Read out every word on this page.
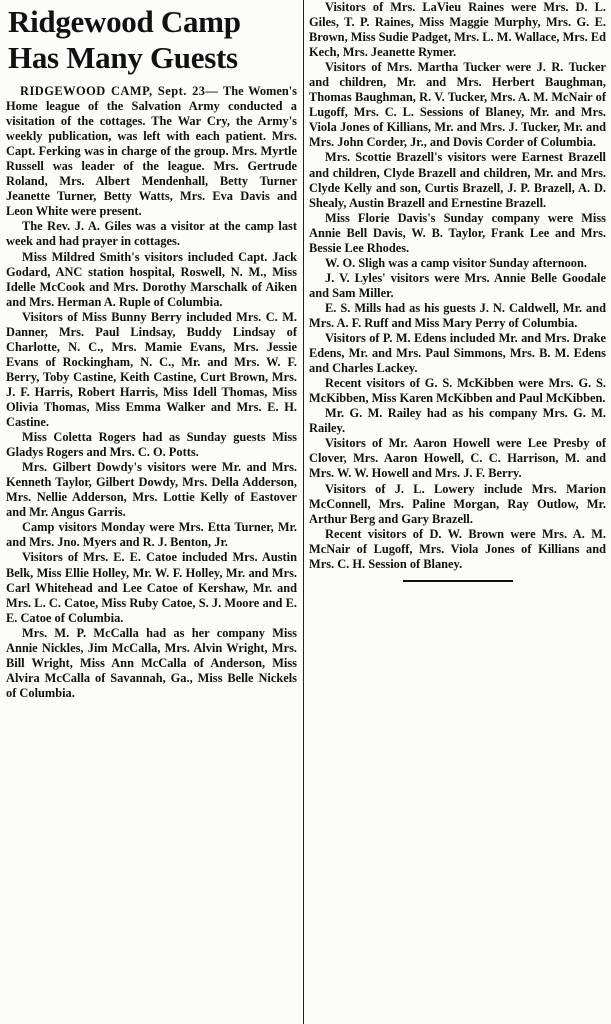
Ridgewood Camp
Has Many Guests

RIDGEWOOD CAMP, Sept. 23— The Women's Home league of the Salvation Army conducted a visitation of the cottages. The War Cry, the Army's weekly publication, was left with each patient. Mrs. Capt. Ferking was in charge of the group. Mrs. Myrtle Russell was leader of the league. Mrs. Gertrude Roland, Mrs. Albert Mendenhall, Betty Turner Jeanette Turner, Betty Watts, Mrs. Eva Davis and Leon White were present.

The Rev. J. A. Giles was a visitor at the camp last week and had prayer in cottages.

Miss Mildred Smith's visitors included Capt. Jack Godard, ANC station hospital, Roswell, N. M., Miss Idelle McCook and Mrs. Dorothy Marschalk of Aiken and Mrs. Herman A. Ruple of Columbia.

Visitors of Miss Bunny Berry included Mrs. C. M. Danner, Mrs. Paul Lindsay, Buddy Lindsay of Charlotte, N. C., Mrs. Mamie Evans, Mrs. Jessie Evans of Rockingham, N. C., Mr. and Mrs. W. F. Berry, Toby Castine, Keith Castine, Curt Brown, Mrs. J. F. Harris, Robert Harris, Miss Idell Thomas, Miss Olivia Thomas, Miss Emma Walker and Mrs. E. H. Castine.

Miss Coletta Rogers had as Sunday guests Miss Gladys Rogers and Mrs. C. O. Potts.

Mrs. Gilbert Dowdy's visitors were Mr. and Mrs. Kenneth Taylor, Gilbert Dowdy, Mrs. Della Adderson, Mrs. Nellie Adderson, Mrs. Lottie Kelly of Eastover and Mr. Angus Garris.

Camp visitors Monday were Mrs. Etta Turner, Mr. and Mrs. Jno. Myers and R. J. Benton, Jr.

Visitors of Mrs. E. E. Catoe included Mrs. Austin Belk, Miss Ellie Holley, Mr. W. F. Holley, Mr. and Mrs. Carl Whitehead and Lee Catoe of Kershaw, Mr. and Mrs. L. C. Catoe, Miss Ruby Catoe, S. J. Moore and E. E. Catoe of Columbia.

Mrs. M. P. McCalla had as her company Miss Annie Nickles, Jim McCalla, Mrs. Alvin Wright, Mrs. Bill Wright, Miss Ann McCalla of Anderson, Miss Alvira McCalla of Savannah, Ga., Miss Belle Nickels of Columbia.

Visitors of Mrs. LaVieu Raines were Mrs. D. L. Giles, T. P. Raines, Miss Maggie Murphy, Mrs. G. E. Brown, Miss Sudie Padget, Mrs. L. M. Wallace, Mrs. Ed Kech, Mrs. Jeanette Rymer.

Visitors of Mrs. Martha Tucker were J. R. Tucker and children, Mr. and Mrs. Herbert Baughman, Thomas Baughman, R. V. Tucker, Mrs. A. M. McNair of Lugoff, Mrs. C. L. Sessions of Blaney, Mr. and Mrs. Viola Jones of Killians, Mr. and Mrs. J. Tucker, Mr. and Mrs. John Corder, Jr., and Dovis Corder of Columbia.

Mrs. Scottie Brazell's visitors were Earnest Brazell and children, Clyde Brazell and children, Mr. and Mrs. Clyde Kelly and son, Curtis Brazell, J. P. Brazell, A. D. Shealy, Austin Brazell and Ernestine Brazell.

Miss Florie Davis's Sunday company were Miss Annie Bell Davis, W. B. Taylor, Frank Lee and Mrs. Bessie Lee Rhodes.

W. O. Sligh was a camp visitor Sunday afternoon.

J. V. Lyles' visitors were Mrs. Annie Belle Goodale and Sam Miller.

E. S. Mills had as his guests J. N. Caldwell, Mr. and Mrs. A. F. Ruff and Miss Mary Perry of Columbia.

Visitors of P. M. Edens included Mr. and Mrs. Drake Edens, Mr. and Mrs. Paul Simmons, Mrs. B. M. Edens and Charles Lackey.

Recent visitors of G. S. McKibben were Mrs. G. S. McKibben, Miss Karen McKibben and Paul McKibben.

Mr. G. M. Railey had as his company Mrs. G. M. Railey.

Visitors of Mr. Aaron Howell were Lee Presby of Clover, Mrs. Aaron Howell, C. C. Harrison, M. and Mrs. W. W. Howell and Mrs. J. F. Berry.

Visitors of J. L. Lowery include Mrs. Marion McConnell, Mrs. Paline Morgan, Ray Outlow, Mr. Arthur Berg and Gary Brazell.

Recent visitors of D. W. Brown were Mrs. A. M. McNair of Lugoff, Mrs. Viola Jones of Killians and Mrs. C. H. Session of Blaney.
